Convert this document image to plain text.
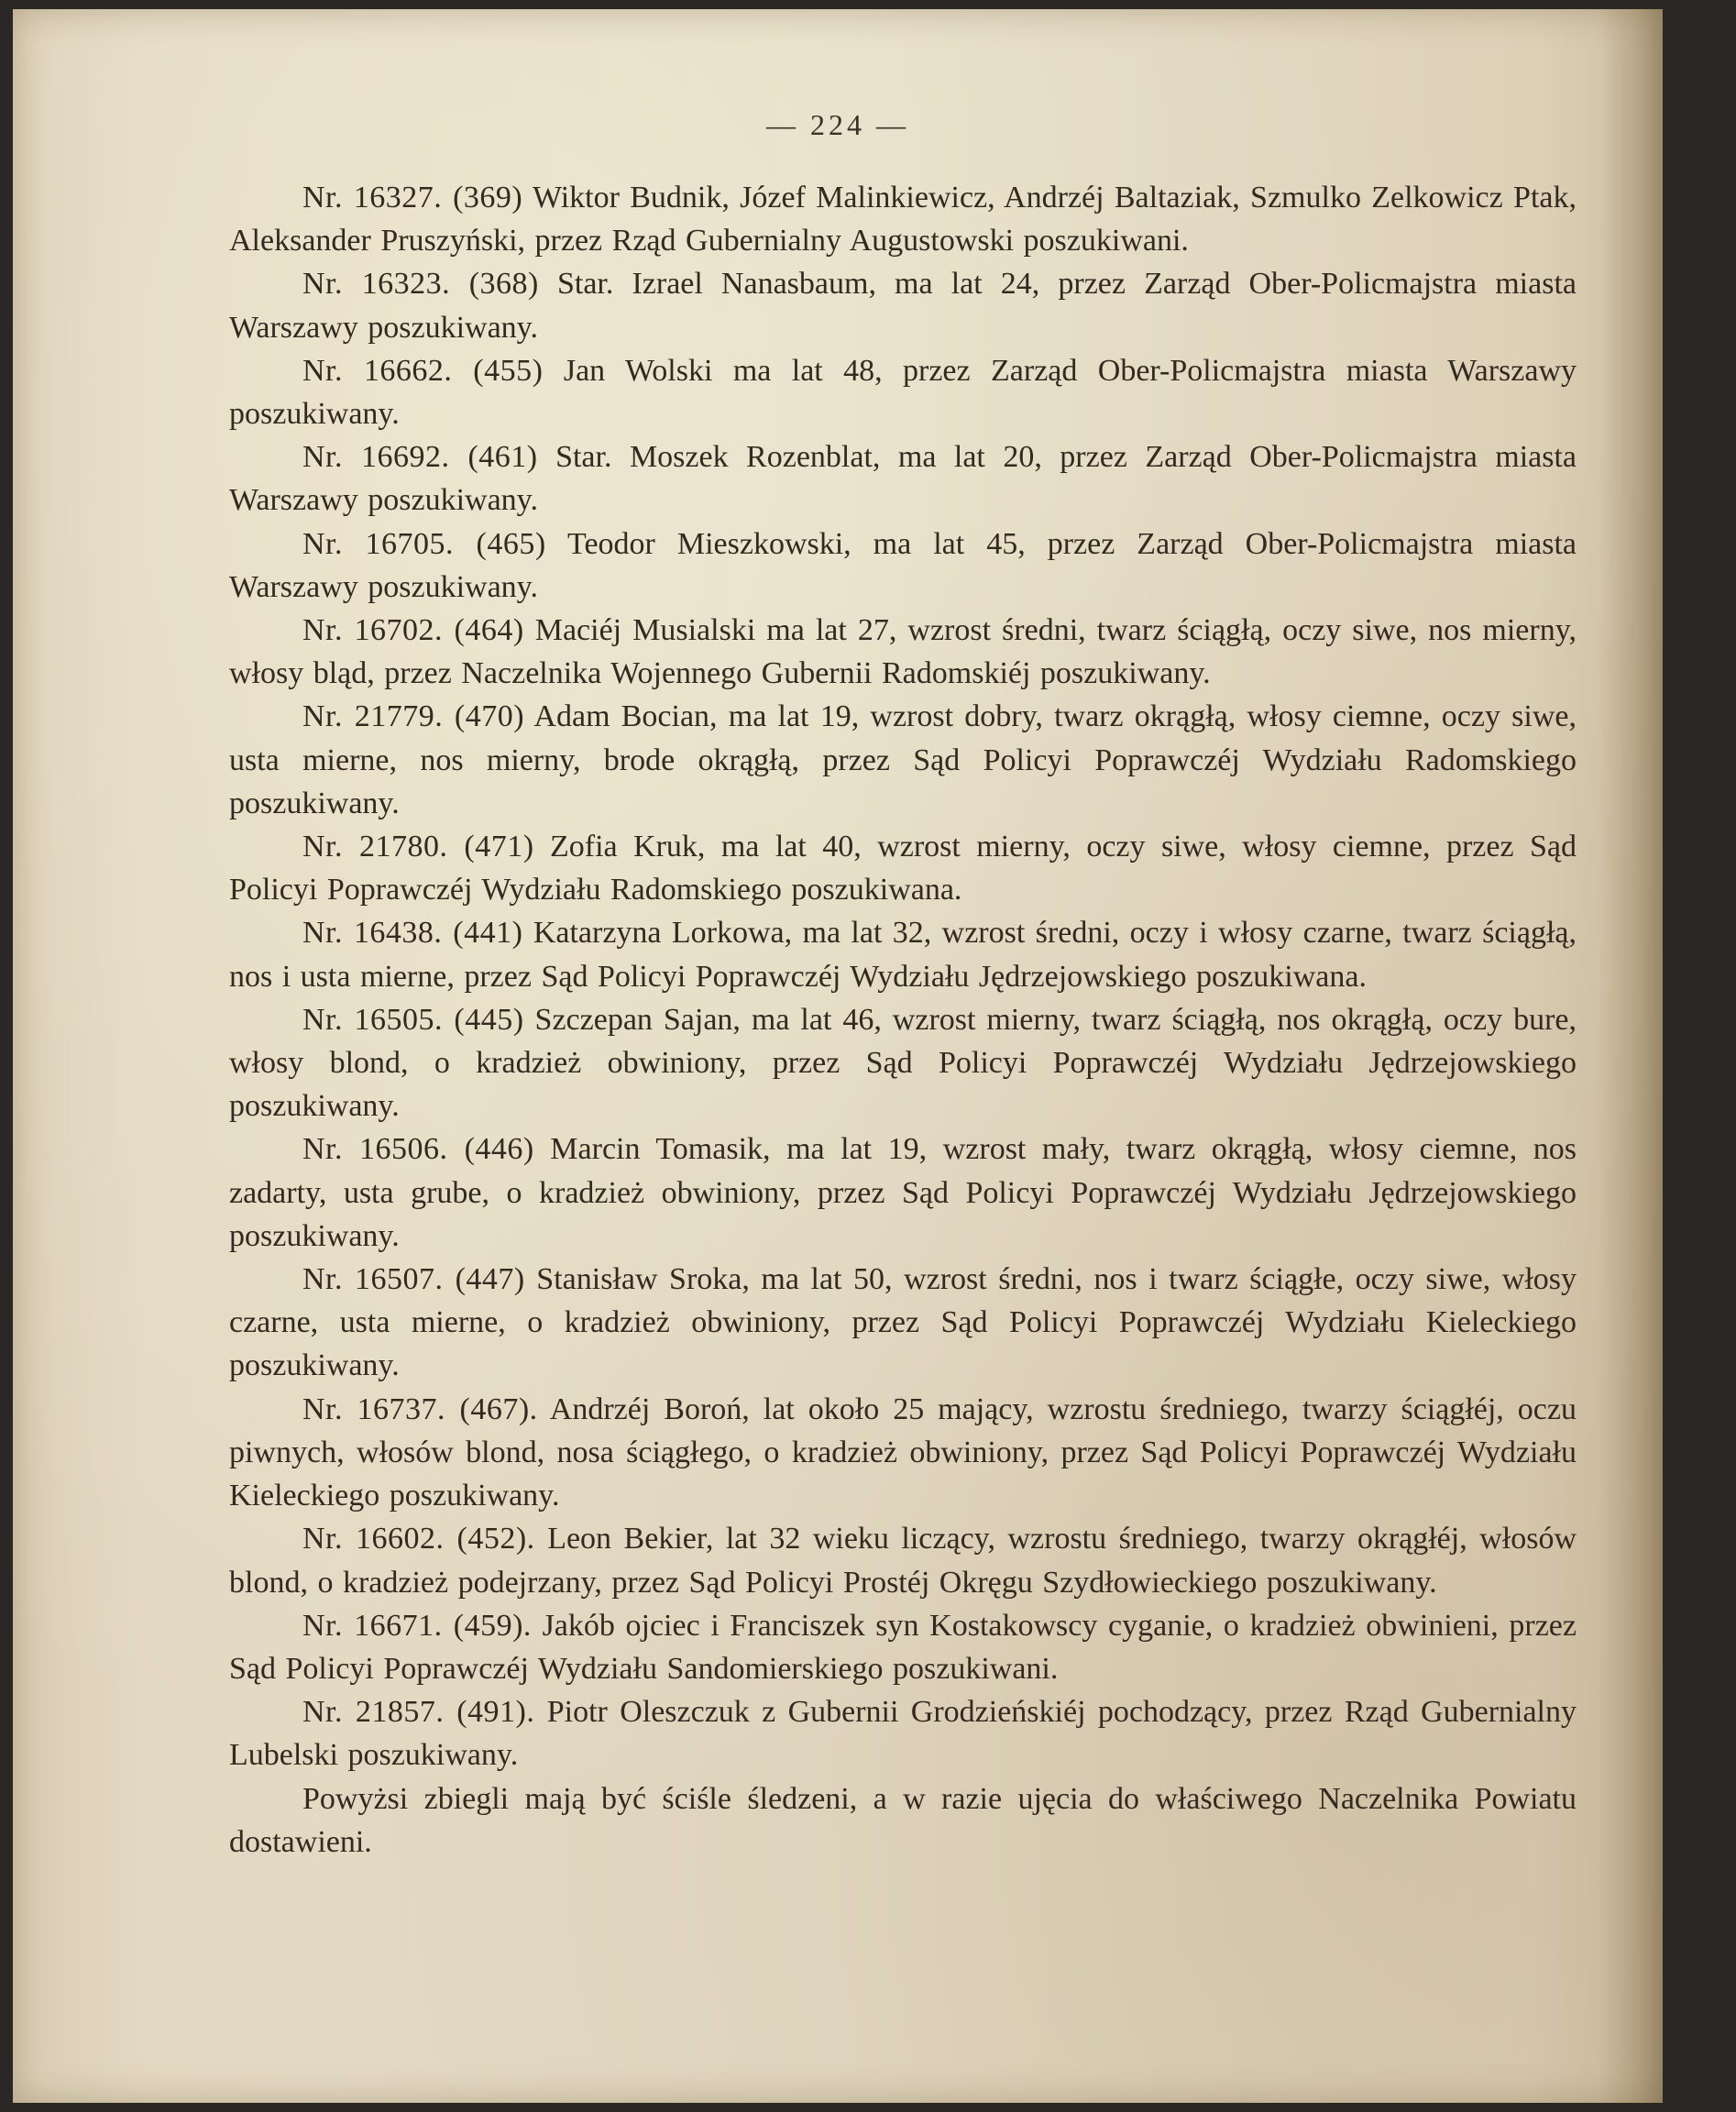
— 224 —

Nr. 16327. (369) Wiktor Budnik, Józef Malinkiewicz, Andrzéj Baltaziak, Szmulko Zelkowicz Ptak, Aleksander Pruszyński, przez Rząd Gubernialny Augustowski poszukiwani.

Nr. 16323. (368) Star. Izrael Nanasbaum, ma lat 24, przez Zarząd Ober-Policmajstra miasta Warszawy poszukiwany.

Nr. 16662. (455) Jan Wolski ma lat 48, przez Zarząd Ober-Policmajstra miasta Warszawy poszukiwany.

Nr. 16692. (461) Star. Moszek Rozenblat, ma lat 20, przez Zarząd Ober-Policmajstra miasta Warszawy poszukiwany.

Nr. 16705. (465) Teodor Mieszkowski, ma lat 45, przez Zarząd Ober-Policmajstra miasta Warszawy poszukiwany.

Nr. 16702. (464) Maciéj Musialski ma lat 27, wzrost średni, twarz ściągłą, oczy siwe, nos mierny, włosy bląd, przez Naczelnika Wojennego Gubernii Radomskiéj poszukiwany.

Nr. 21779. (470) Adam Bocian, ma lat 19, wzrost dobry, twarz okrągłą, włosy ciemne, oczy siwe, usta mierne, nos mierny, brode okrągłą, przez Sąd Policyi Poprawczéj Wydziału Radomskiego poszukiwany.

Nr. 21780. (471) Zofia Kruk, ma lat 40, wzrost mierny, oczy siwe, włosy ciemne, przez Sąd Policyi Poprawczéj Wydziału Radomskiego poszukiwana.

Nr. 16438. (441) Katarzyna Lorkowa, ma lat 32, wzrost średni, oczy i włosy czarne, twarz ściągłą, nos i usta mierne, przez Sąd Policyi Poprawczéj Wydziału Jędrzejowskiego poszukiwana.

Nr. 16505. (445) Szczepan Sajan, ma lat 46, wzrost mierny, twarz ściągłą, nos okrągłą, oczy bure, włosy blond, o kradzież obwiniony, przez Sąd Policyi Poprawczéj Wydziału Jędrzejowskiego poszukiwany.

Nr. 16506. (446) Marcin Tomasik, ma lat 19, wzrost mały, twarz okrągłą, włosy ciemne, nos zadarty, usta grube, o kradzież obwiniony, przez Sąd Policyi Poprawczéj Wydziału Jędrzejowskiego poszukiwany.

Nr. 16507. (447) Stanisław Sroka, ma lat 50, wzrost średni, nos i twarz ściągłe, oczy siwe, włosy czarne, usta mierne, o kradzież obwiniony, przez Sąd Policyi Poprawczéj Wydziału Kieleckiego poszukiwany.

Nr. 16737. (467). Andrzéj Boroń, lat około 25 mający, wzrostu średniego, twarzy ściągłéj, oczu piwnych, włosów blond, nosa ściągłego, o kradzież obwiniony, przez Sąd Policyi Poprawczéj Wydziału Kieleckiego poszukiwany.

Nr. 16602. (452). Leon Bekier, lat 32 wieku liczący, wzrostu średniego, twarzy okrągłéj, włosów blond, o kradzież podejrzany, przez Sąd Policyi Prostéj Okręgu Szydłowieckiego poszukiwany.

Nr. 16671. (459). Jakób ojciec i Franciszek syn Kostakowscy cyganie, o kradzież obwinieni, przez Sąd Policyi Poprawczéj Wydziału Sandomierskiego poszukiwani.

Nr. 21857. (491). Piotr Oleszczuk z Gubernii Grodzieńskiéj pochodzący, przez Rząd Gubernialny Lubelski poszukiwany.

Powyżsi zbiegli mają być ściśle śledzeni, a w razie ujęcia do właściwego Naczelnika Powiatu dostawieni.
